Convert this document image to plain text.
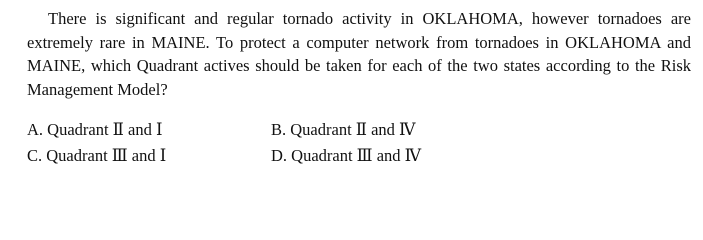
There is significant and regular tornado activity in OKLAHOMA, however tornadoes are extremely rare in MAINE. To protect a computer network from tornadoes in OKLAHOMA and MAINE, which Quadrant actives should be taken for each of the two states according to the Risk Management Model?

A. Quadrant Ⅱ and Ⅰ	B. Quadrant Ⅱ and Ⅳ
C. Quadrant Ⅲ and Ⅰ	D. Quadrant Ⅲ and Ⅳ
